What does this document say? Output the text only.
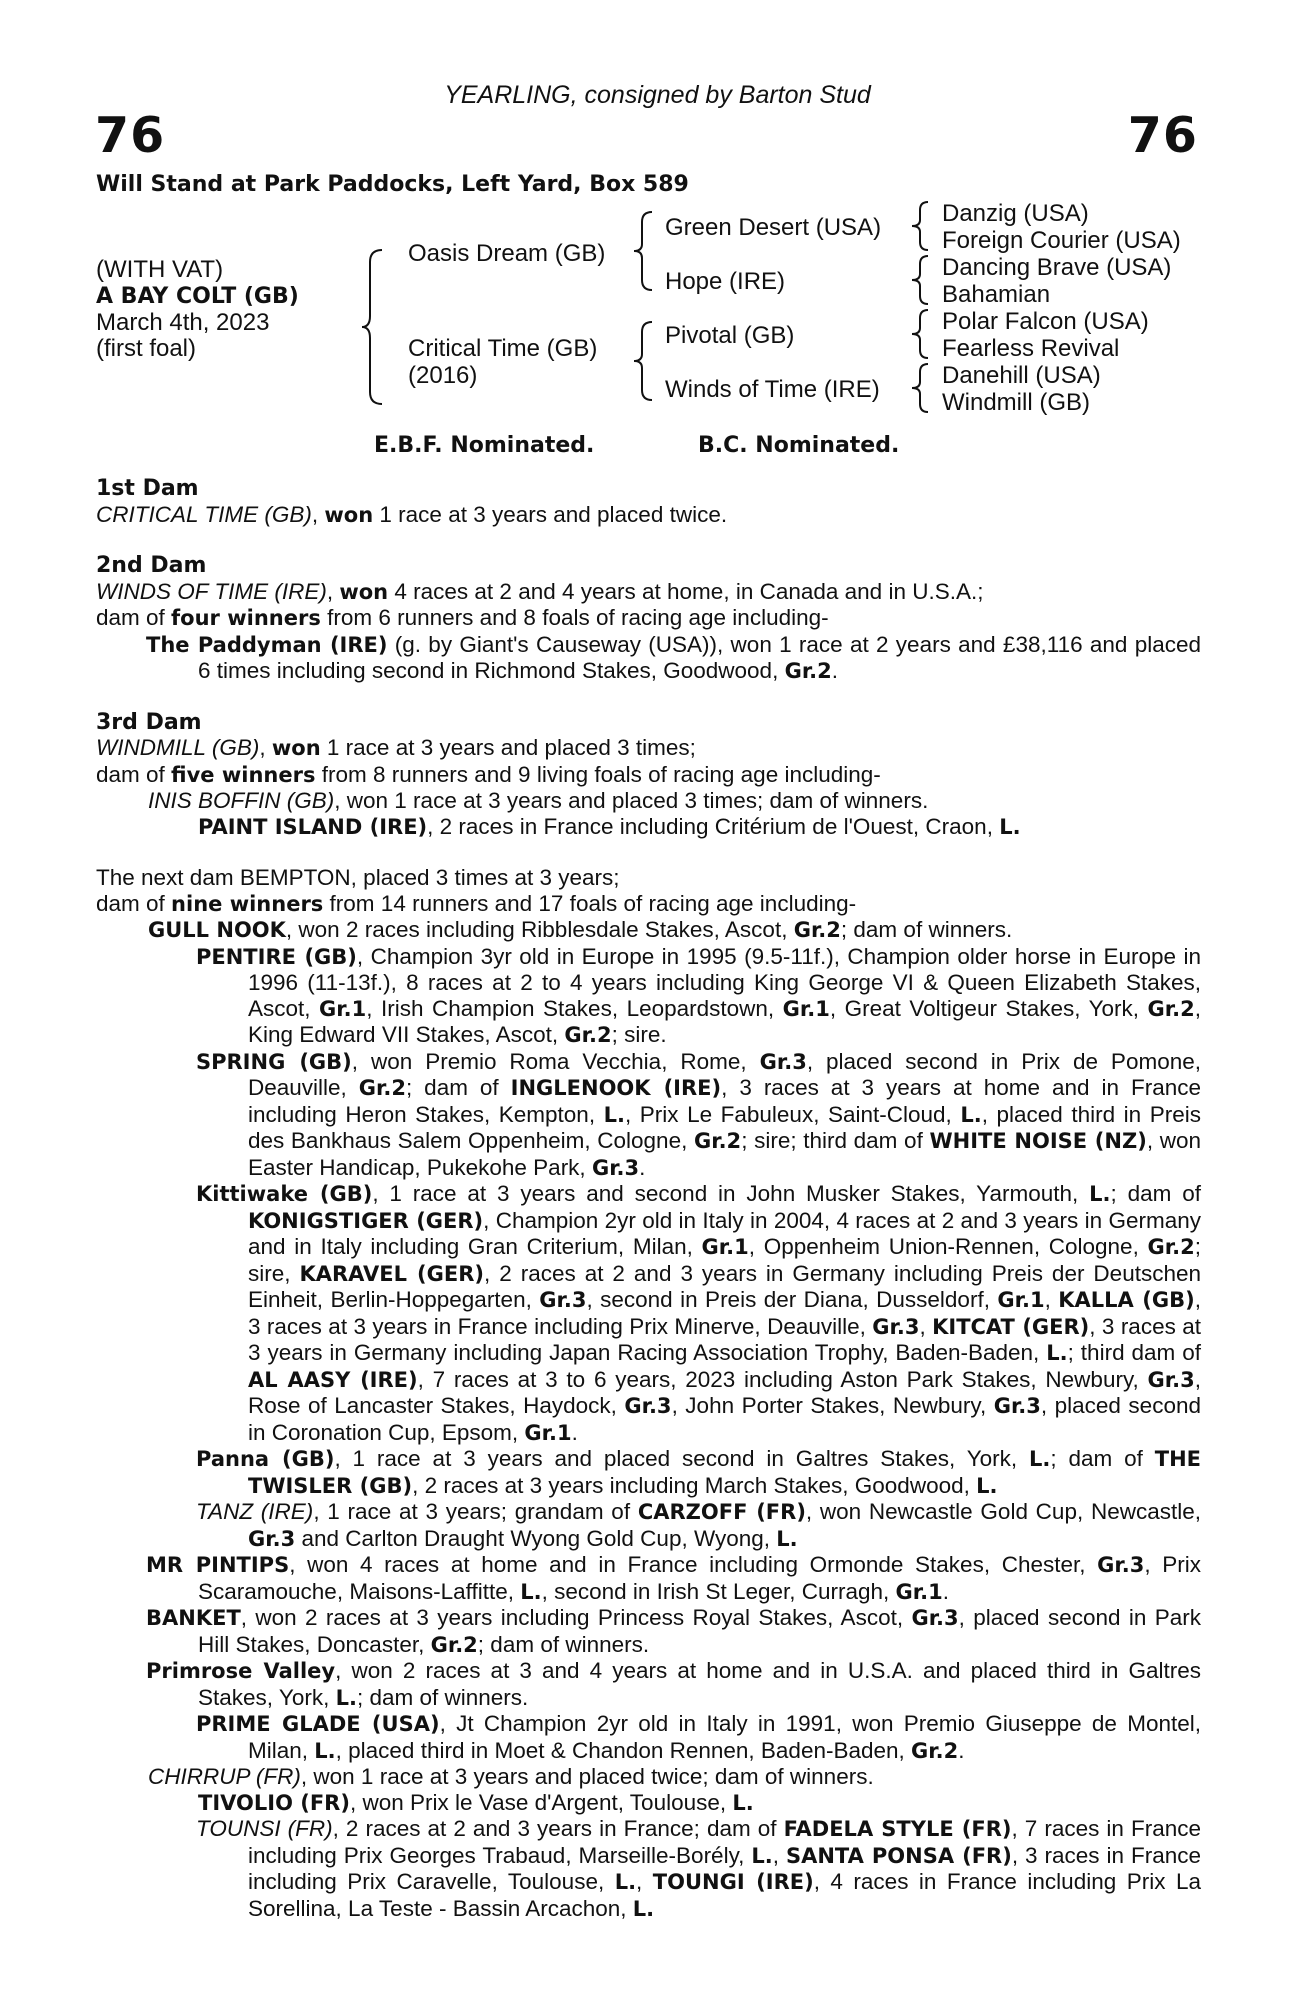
YEARLING, consigned by Barton Stud
76	76
Will Stand at Park Paddocks, Left Yard, Box 589
(WITH VAT)
A BAY COLT (GB)
March 4th, 2023
(first foal)
Oasis Dream (GB)
Critical Time (GB)
(2016)
Green Desert (USA)
Hope (IRE)
Pivotal (GB)
Winds of Time (IRE)
Danzig (USA)
Foreign Courier (USA)
Dancing Brave (USA)
Bahamian
Polar Falcon (USA)
Fearless Revival
Danehill (USA)
Windmill (GB)
E.B.F. Nominated.	B.C. Nominated.
1st Dam
CRITICAL TIME (GB), won 1 race at 3 years and placed twice.
2nd Dam
WINDS OF TIME (IRE), won 4 races at 2 and 4 years at home, in Canada and in U.S.A.;
dam of four winners from 6 runners and 8 foals of racing age including-
The Paddyman (IRE) (g. by Giant's Causeway (USA)), won 1 race at 2 years and £38,116 and placed 6 times including second in Richmond Stakes, Goodwood, Gr.2.
3rd Dam
WINDMILL (GB), won 1 race at 3 years and placed 3 times;
dam of five winners from 8 runners and 9 living foals of racing age including-
INIS BOFFIN (GB), won 1 race at 3 years and placed 3 times; dam of winners.
PAINT ISLAND (IRE), 2 races in France including Critérium de l'Ouest, Craon, L.
The next dam BEMPTON, placed 3 times at 3 years;
dam of nine winners from 14 runners and 17 foals of racing age including-
GULL NOOK, won 2 races including Ribblesdale Stakes, Ascot, Gr.2; dam of winners.
PENTIRE (GB), Champion 3yr old in Europe in 1995 (9.5-11f.), Champion older horse in Europe in 1996 (11-13f.), 8 races at 2 to 4 years including King George VI & Queen Elizabeth Stakes, Ascot, Gr.1, Irish Champion Stakes, Leopardstown, Gr.1, Great Voltigeur Stakes, York, Gr.2, King Edward VII Stakes, Ascot, Gr.2; sire.
SPRING (GB), won Premio Roma Vecchia, Rome, Gr.3, placed second in Prix de Pomone, Deauville, Gr.2; dam of INGLENOOK (IRE), 3 races at 3 years at home and in France including Heron Stakes, Kempton, L., Prix Le Fabuleux, Saint-Cloud, L., placed third in Preis des Bankhaus Salem Oppenheim, Cologne, Gr.2; sire; third dam of WHITE NOISE (NZ), won Easter Handicap, Pukekohe Park, Gr.3.
Kittiwake (GB), 1 race at 3 years and second in John Musker Stakes, Yarmouth, L.; dam of KONIGSTIGER (GER), Champion 2yr old in Italy in 2004, 4 races at 2 and 3 years in Germany and in Italy including Gran Criterium, Milan, Gr.1, Oppenheim Union-Rennen, Cologne, Gr.2; sire, KARAVEL (GER), 2 races at 2 and 3 years in Germany including Preis der Deutschen Einheit, Berlin-Hoppegarten, Gr.3, second in Preis der Diana, Dusseldorf, Gr.1, KALLA (GB), 3 races at 3 years in France including Prix Minerve, Deauville, Gr.3, KITCAT (GER), 3 races at 3 years in Germany including Japan Racing Association Trophy, Baden-Baden, L.; third dam of AL AASY (IRE), 7 races at 3 to 6 years, 2023 including Aston Park Stakes, Newbury, Gr.3, Rose of Lancaster Stakes, Haydock, Gr.3, John Porter Stakes, Newbury, Gr.3, placed second in Coronation Cup, Epsom, Gr.1.
Panna (GB), 1 race at 3 years and placed second in Galtres Stakes, York, L.; dam of THE TWISLER (GB), 2 races at 3 years including March Stakes, Goodwood, L.
TANZ (IRE), 1 race at 3 years; grandam of CARZOFF (FR), won Newcastle Gold Cup, Newcastle, Gr.3 and Carlton Draught Wyong Gold Cup, Wyong, L.
MR PINTIPS, won 4 races at home and in France including Ormonde Stakes, Chester, Gr.3, Prix Scaramouche, Maisons-Laffitte, L., second in Irish St Leger, Curragh, Gr.1.
BANKET, won 2 races at 3 years including Princess Royal Stakes, Ascot, Gr.3, placed second in Park Hill Stakes, Doncaster, Gr.2; dam of winners.
Primrose Valley, won 2 races at 3 and 4 years at home and in U.S.A. and placed third in Galtres Stakes, York, L.; dam of winners.
PRIME GLADE (USA), Jt Champion 2yr old in Italy in 1991, won Premio Giuseppe de Montel, Milan, L., placed third in Moet & Chandon Rennen, Baden-Baden, Gr.2.
CHIRRUP (FR), won 1 race at 3 years and placed twice; dam of winners.
TIVOLIO (FR), won Prix le Vase d'Argent, Toulouse, L.
TOUNSI (FR), 2 races at 2 and 3 years in France; dam of FADELA STYLE (FR), 7 races in France including Prix Georges Trabaud, Marseille-Borély, L., SANTA PONSA (FR), 3 races in France including Prix Caravelle, Toulouse, L., TOUNGI (IRE), 4 races in France including Prix La Sorellina, La Teste - Bassin Arcachon, L.
